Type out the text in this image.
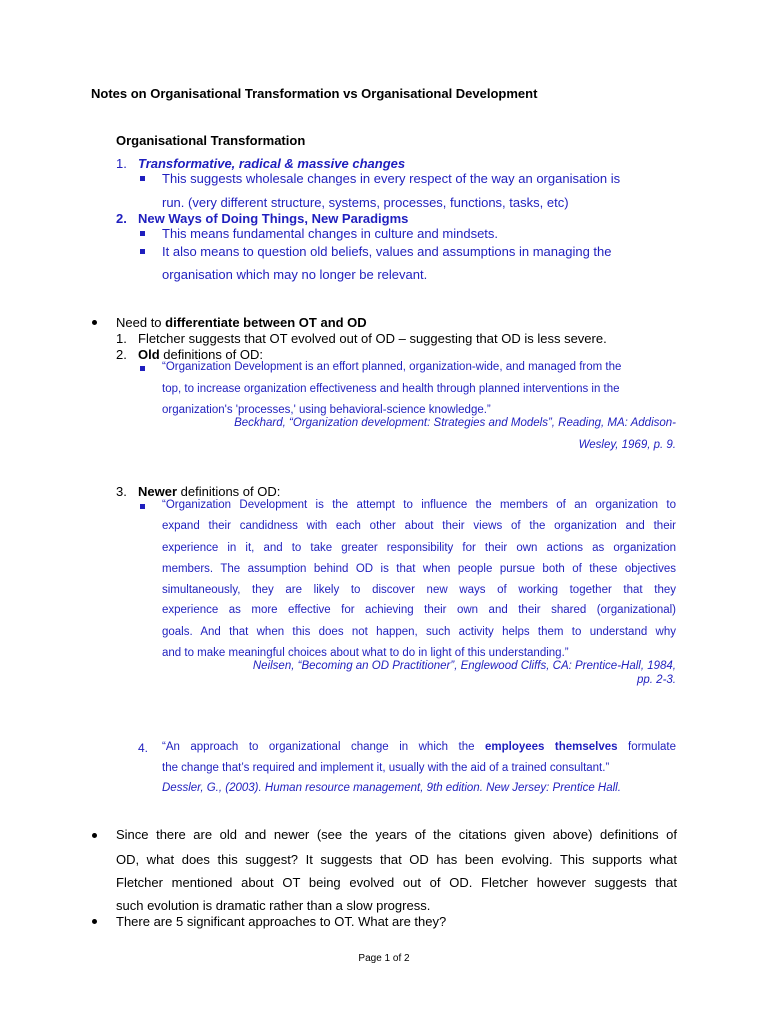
Notes on Organisational Transformation vs Organisational Development
Organisational Transformation
1. Transformative, radical & massive changes
This suggests wholesale changes in every respect of the way an organisation is
run. (very different structure, systems, processes, functions, tasks, etc)
2. New Ways of Doing Things, New Paradigms
This means fundamental changes in culture and mindsets.
It also means to question old beliefs, values and assumptions in managing the
organisation which may no longer be relevant.
Need to differentiate between OT and OD
1. Fletcher suggests that OT evolved out of OD – suggesting that OD is less severe.
2. Old definitions of OD:
“Organization Development is an effort planned, organization-wide, and managed from the
top, to increase organization effectiveness and health through planned interventions in the
organization's 'processes,' using behavioral-science knowledge.”
Beckhard, “Organization development: Strategies and Models”, Reading, MA: Addison-
Wesley, 1969, p. 9.
3. Newer definitions of OD:
“Organization Development is the attempt to influence the members of an organization to
expand their candidness with each other about their views of the organization and their
experience in it, and to take greater responsibility for their own actions as organization
members. The assumption behind OD is that when people pursue both of these objectives
simultaneously, they are likely to discover new ways of working together that they
experience as more effective for achieving their own and their shared (organizational)
goals. And that when this does not happen, such activity helps them to understand why
and to make meaningful choices about what to do in light of this understanding.”
Neilsen, “Becoming an OD Practitioner”, Englewood Cliffs, CA: Prentice-Hall, 1984,
pp. 2-3.
4. “An approach to organizational change in which the employees themselves formulate
the change that’s required and implement it, usually with the aid of a trained consultant.”
Dessler, G., (2003). Human resource management, 9th edition. New Jersey: Prentice Hall.
Since there are old and newer (see the years of the citations given above) definitions of
OD, what does this suggest? It suggests that OD has been evolving. This supports what
Fletcher mentioned about OT being evolved out of OD. Fletcher however suggests that
such evolution is dramatic rather than a slow progress.
There are 5 significant approaches to OT. What are they?
Page 1 of 2
